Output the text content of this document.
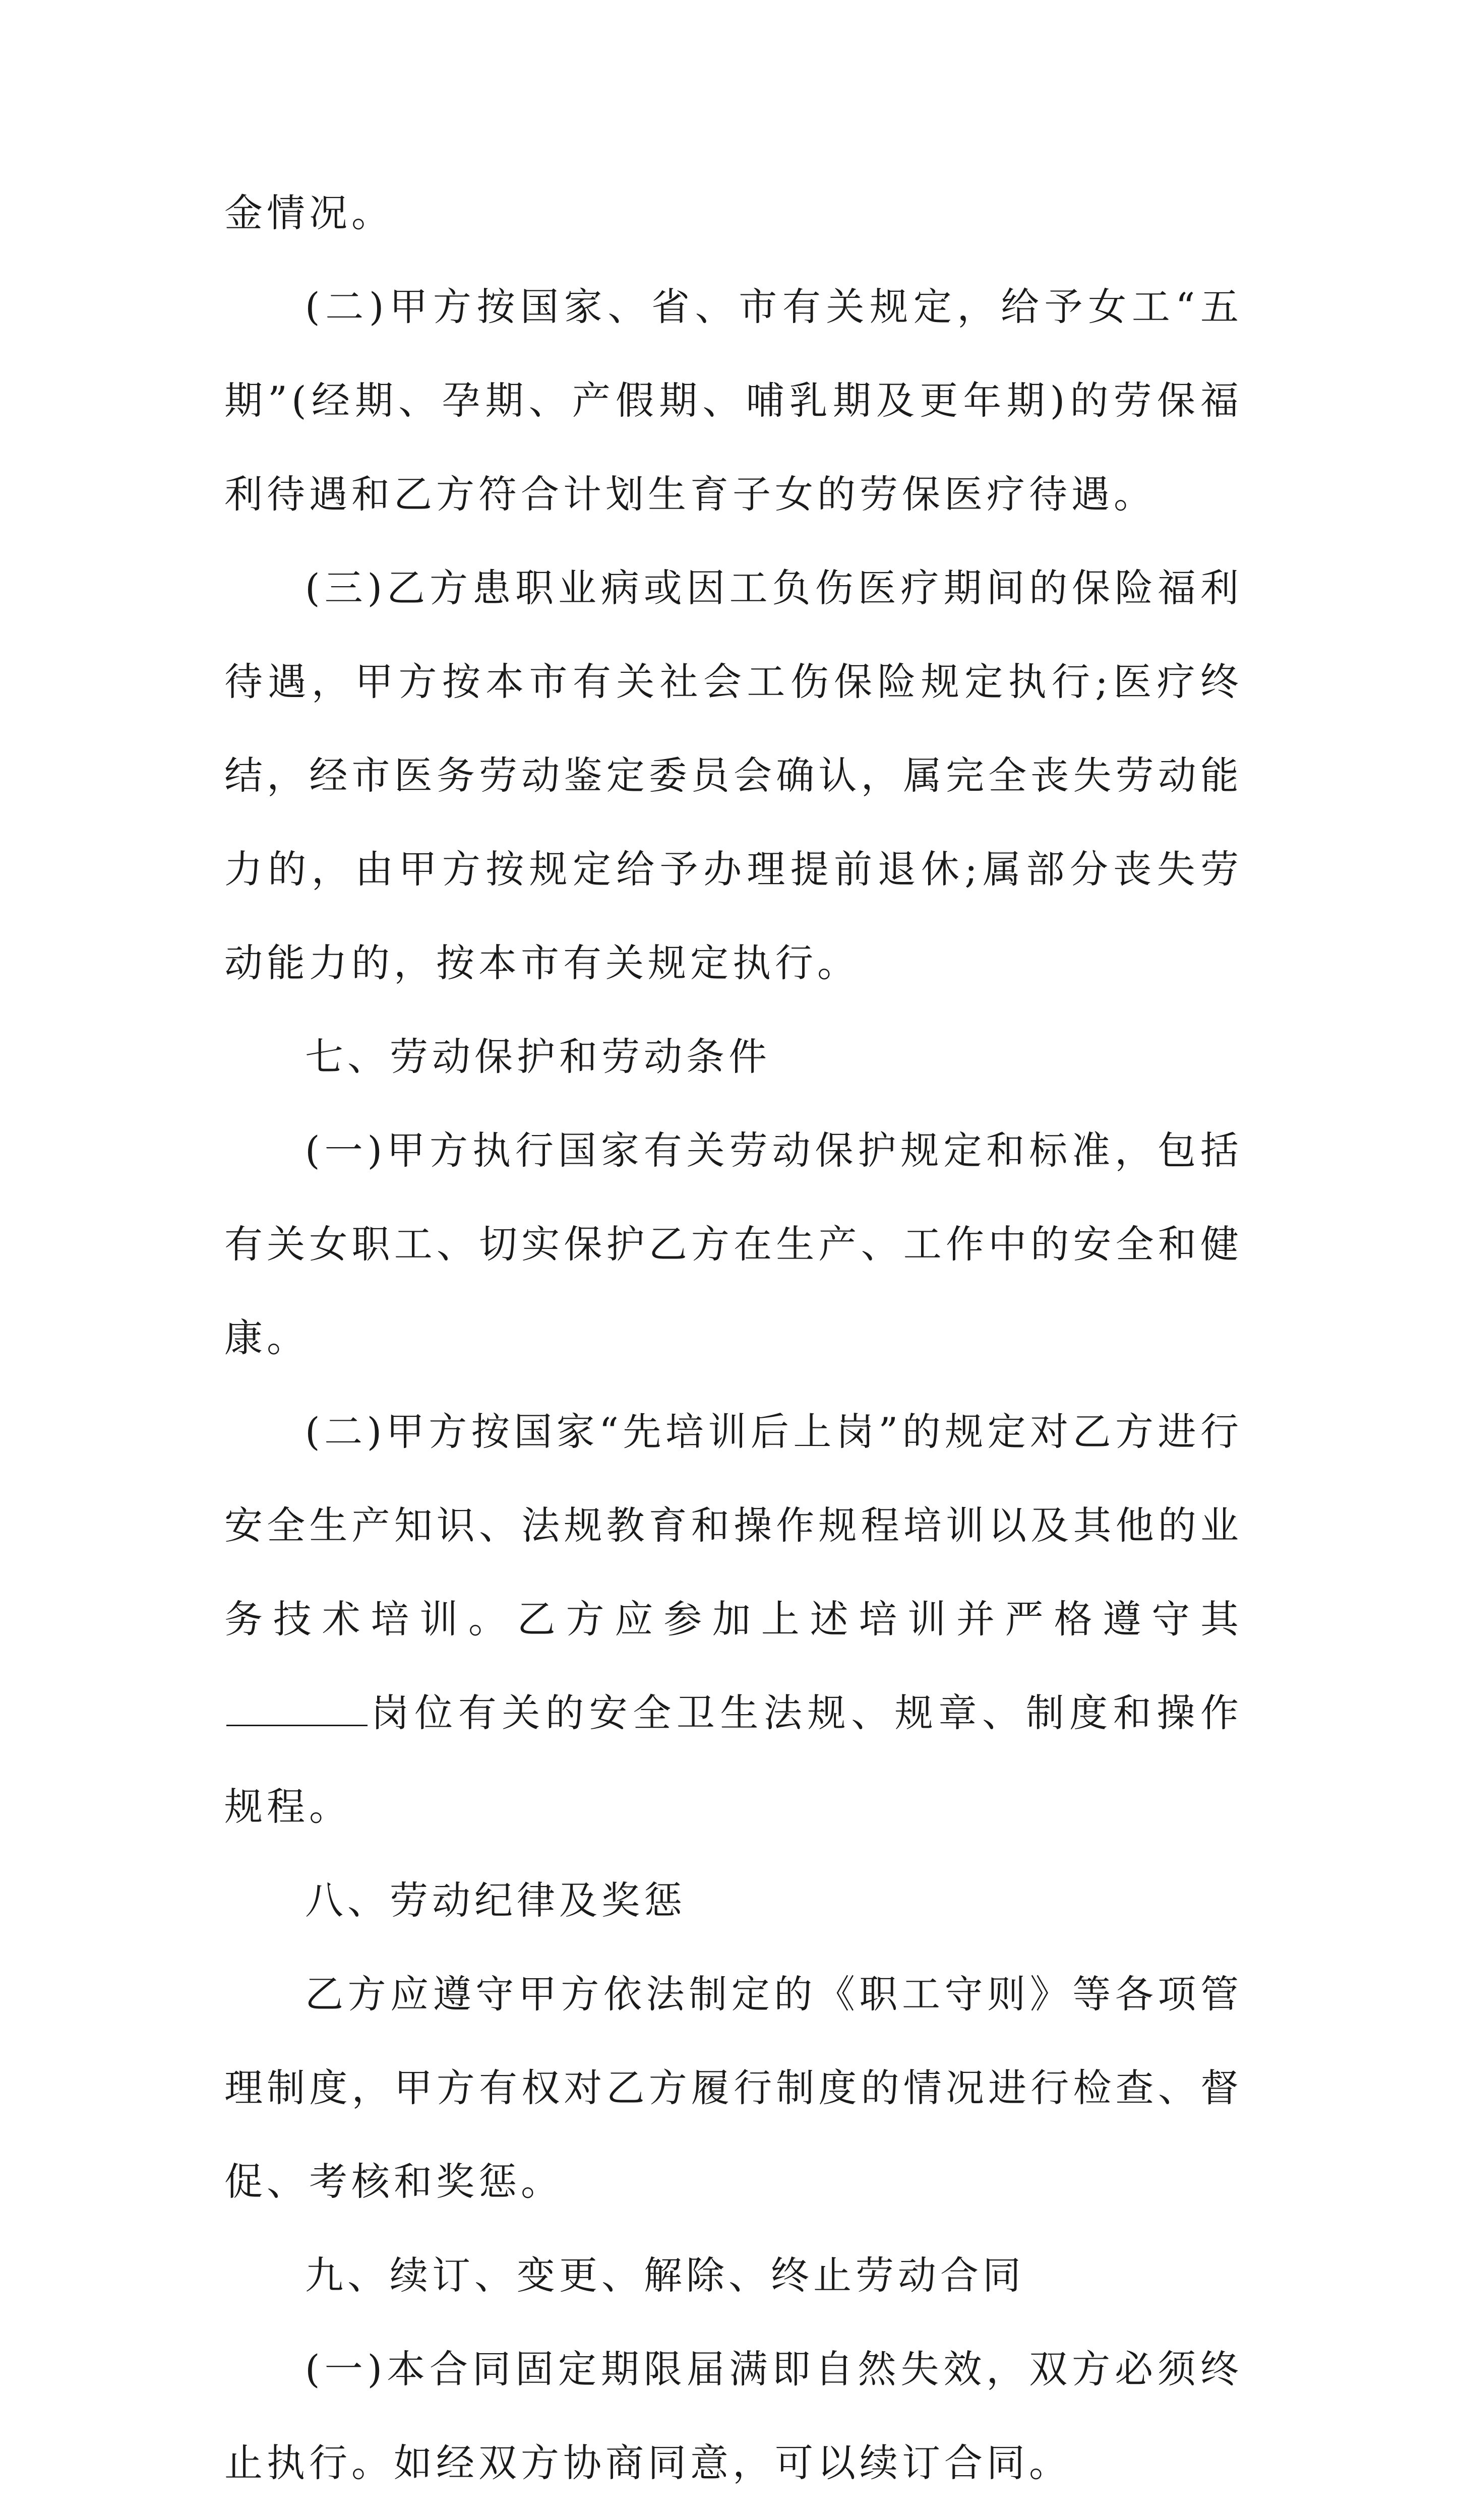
金情况。

(二)甲方按国家、省、市有关规定，给予女工“五期”(经期、孕期、产假期、哺乳期及更年期)的劳保福利待遇和乙方符合计划生育子女的劳保医疗待遇。

(三)乙方患职业病或因工负伤医疗期间的保险福利待遇，甲方按本市有关社会工伤保险规定执行;医疗终结，经市医务劳动鉴定委员会确认，属完全丧失劳动能力的，由甲方按规定给予办理提前退休;属部分丧失劳动能力的，按本市有关规定执行。

七、劳动保护和劳动条件

(一)甲方执行国家有关劳动保护规定和标准，包括有关女职工、切实保护乙方在生产、工作中的安全和健康。

(二)甲方按国家“先培训后上岗”的规定对乙方进行安全生产知识、法规教育和操作规程培训以及其他的业务技术培训。乙方应参加上述培训并严格遵守其岗位有关的安全卫生法规、规章、制度和操作规程。

八、劳动纪律及奖惩

乙方应遵守甲方依法制定的《职工守则》等各项管理制度，甲方有权对乙方履行制度的情况进行检查、督促、考核和奖惩。

九、续订、变更、解除、终止劳动合同

(一)本合同固定期限届满即自然失效，双方必须终止执行。如经双方协商同意，可以续订合同。
